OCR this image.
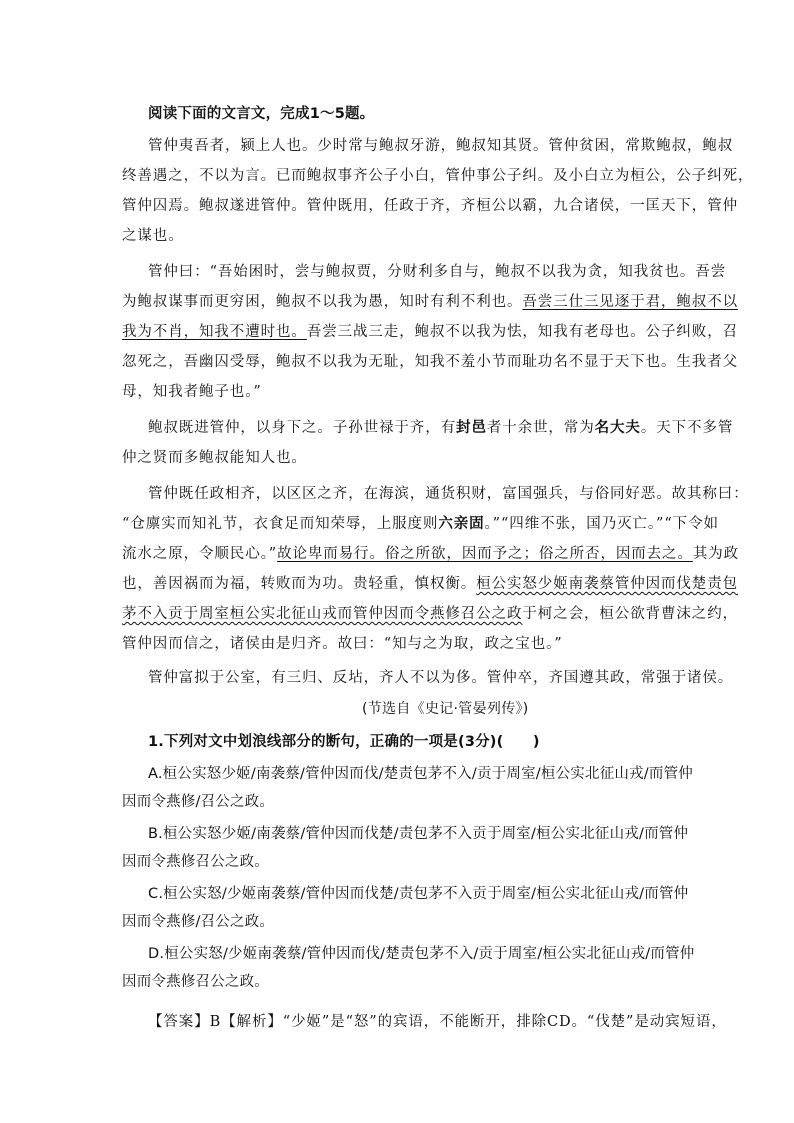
阅读下面的文言文，完成1～5题。
管仲夷吾者，颍上人也。少时常与鲍叔牙游，鲍叔知其贤。管仲贫困，常欺鲍叔，鲍叔
终善遇之，不以为言。已而鲍叔事齐公子小白，管仲事公子纠。及小白立为桓公，公子纠死，
管仲囚焉。鲍叔遂进管仲。管仲既用，任政于齐，齐桓公以霸，九合诸侯，一匡天下，管仲
之谋也。
管仲曰：“吾始困时，尝与鲍叔贾，分财利多自与，鲍叔不以我为贪，知我贫也。吾尝
为鲍叔谋事而更穷困，鲍叔不以我为愚，知时有利不利也。吾尝三仕三见逐于君，鲍叔不以
我为不肖，知我不遭时也。吾尝三战三走，鲍叔不以我为怯，知我有老母也。公子纠败，召
忽死之，吾幽囚受辱，鲍叔不以我为无耻，知我不羞小节而耻功名不显于天下也。生我者父
母，知我者鲍子也。”
鲍叔既进管仲，以身下之。子孙世禄于齐，有封邑者十余世，常为名大夫。天下不多管
仲之贤而多鲍叔能知人也。
管仲既任政相齐，以区区之齐，在海滨，通货积财，富国强兵，与俗同好恶。故其称曰：
“仓廪实而知礼节，衣食足而知荣辱，上服度则六亲固。”“四维不张，国乃灭亡。”“下令如
流水之原，令顺民心。”故论卑而易行。俗之所欲，因而予之；俗之所否，因而去之。其为政
也，善因祸而为福，转败而为功。贵轻重，慎权衡。桓公实怒少姬南袭蔡管仲因而伐楚责包
茅不入贡于周室桓公实北征山戎而管仲因而令燕修召公之政于柯之会，桓公欲背曹沫之约，
管仲因而信之，诸侯由是归齐。故曰：“知与之为取，政之宝也。”
管仲富拟于公室，有三归、反坫，齐人不以为侈。管仲卒，齐国遵其政，常强于诸侯。
(节选自《史记·管晏列传》)
1.下列对文中划浪线部分的断句，正确的一项是(3分)(　　)
A.桓公实怒少姬/南袭蔡/管仲因而伐/楚责包茅不入/贡于周室/桓公实北征山戎/而管仲
因而令燕修/召公之政。
B.桓公实怒少姬/南袭蔡/管仲因而伐楚/责包茅不入贡于周室/桓公实北征山戎/而管仲
因而令燕修召公之政。
C.桓公实怒/少姬南袭蔡/管仲因而伐楚/责包茅不入贡于周室/桓公实北征山戎/而管仲
因而令燕修/召公之政。
D.桓公实怒/少姬南袭蔡/管仲因而伐/楚责包茅不入/贡于周室/桓公实北征山戎/而管仲
因而令燕修召公之政。
【答案】B【解析】“少姬”是“怒”的宾语，不能断开，排除CD。“伐楚”是动宾短语，
